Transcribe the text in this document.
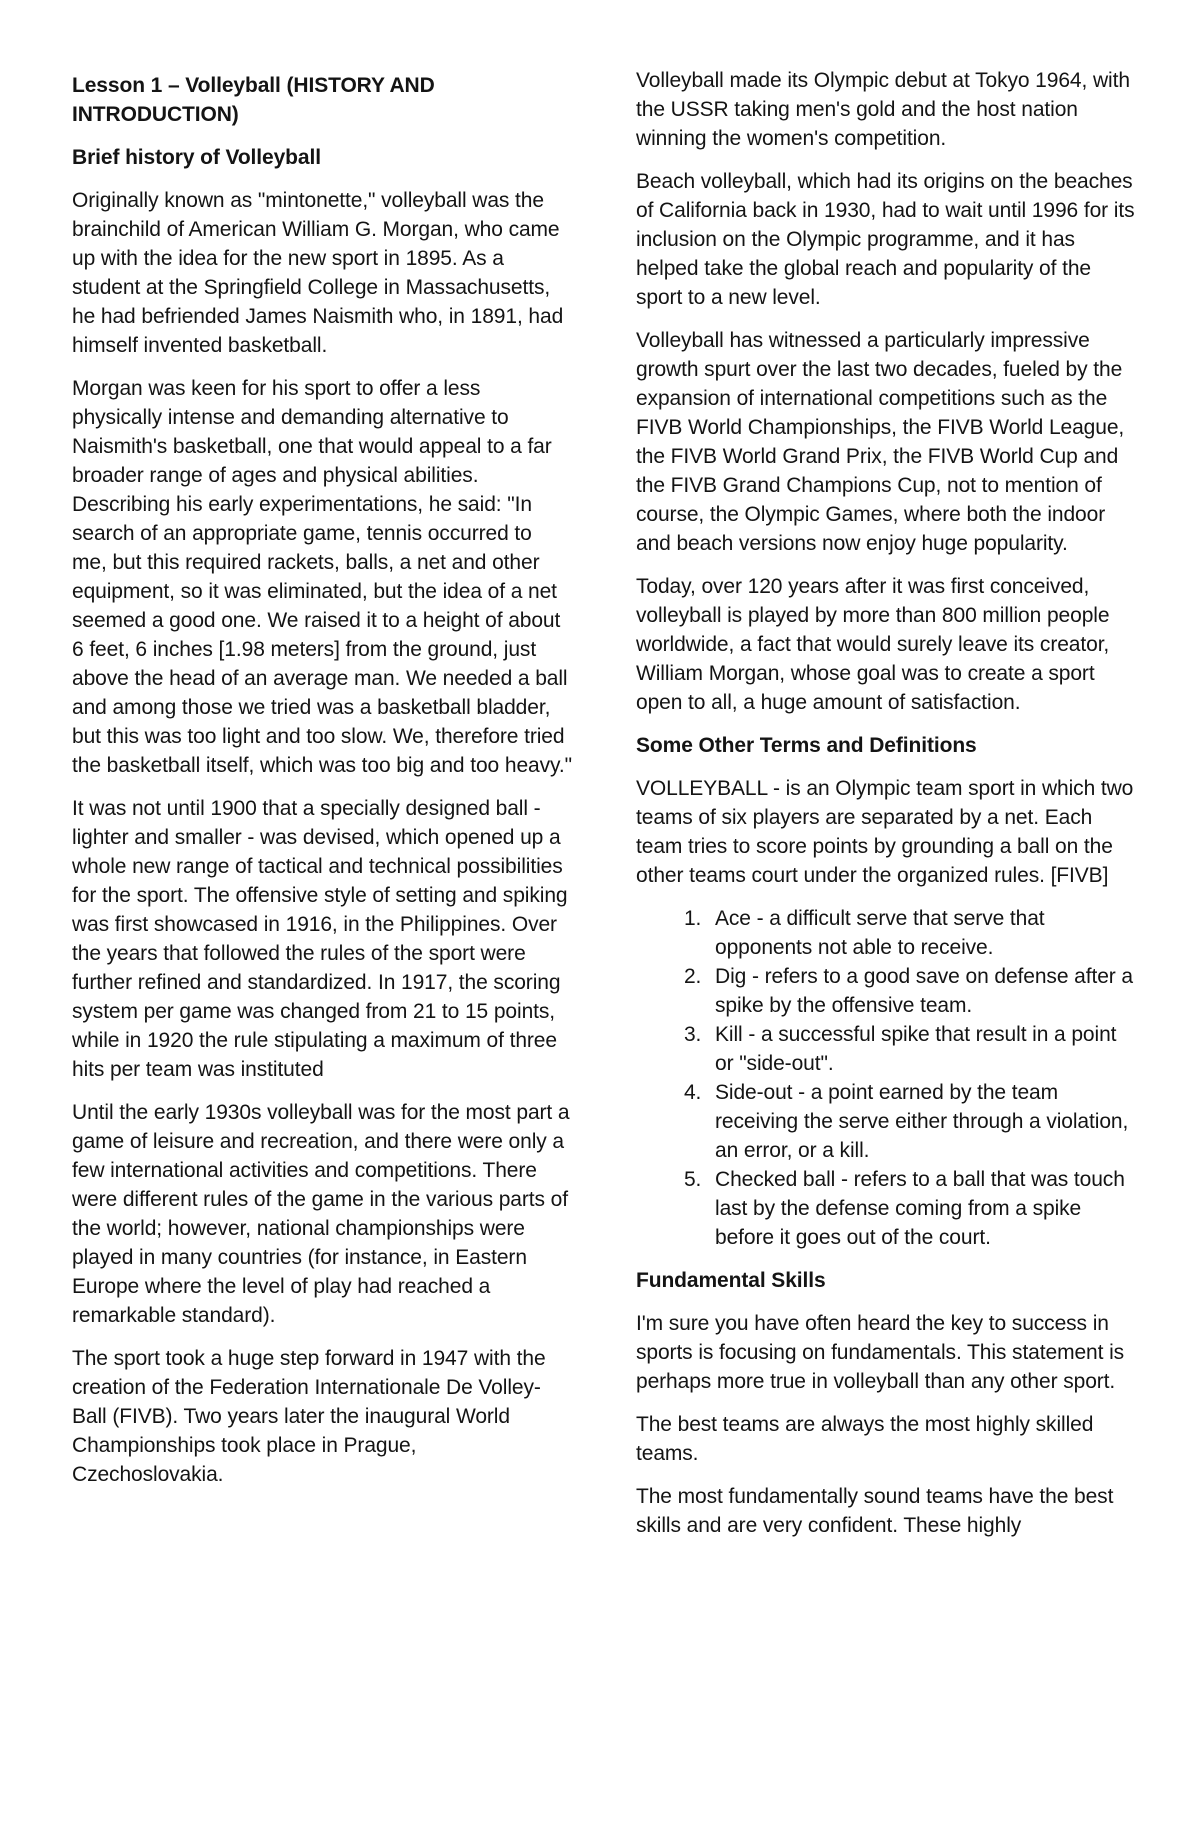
Lesson 1 – Volleyball (HISTORY AND INTRODUCTION)
Brief history of Volleyball

Originally known as "mintonette," volleyball was the brainchild of American William G. Morgan, who came up with the idea for the new sport in 1895. As a student at the Springfield College in Massachusetts, he had befriended James Naismith who, in 1891, had himself invented basketball.

Morgan was keen for his sport to offer a less physically intense and demanding alternative to Naismith's basketball, one that would appeal to a far broader range of ages and physical abilities. Describing his early experimentations, he said: "In search of an appropriate game, tennis occurred to me, but this required rackets, balls, a net and other equipment, so it was eliminated, but the idea of a net seemed a good one. We raised it to a height of about 6 feet, 6 inches [1.98 meters] from the ground, just above the head of an average man. We needed a ball and among those we tried was a basketball bladder, but this was too light and too slow. We, therefore tried the basketball itself, which was too big and too heavy."

It was not until 1900 that a specially designed ball - lighter and smaller - was devised, which opened up a whole new range of tactical and technical possibilities for the sport. The offensive style of setting and spiking was first showcased in 1916, in the Philippines. Over the years that followed the rules of the sport were further refined and standardized. In 1917, the scoring system per game was changed from 21 to 15 points, while in 1920 the rule stipulating a maximum of three hits per team was instituted

Until the early 1930s volleyball was for the most part a game of leisure and recreation, and there were only a few international activities and competitions. There were different rules of the game in the various parts of the world; however, national championships were played in many countries (for instance, in Eastern Europe where the level of play had reached a remarkable standard).

The sport took a huge step forward in 1947 with the creation of the Federation Internationale De Volley-Ball (FIVB). Two years later the inaugural World Championships took place in Prague, Czechoslovakia.

Volleyball made its Olympic debut at Tokyo 1964, with the USSR taking men's gold and the host nation winning the women's competition.

Beach volleyball, which had its origins on the beaches of California back in 1930, had to wait until 1996 for its inclusion on the Olympic programme, and it has helped take the global reach and popularity of the sport to a new level.

Volleyball has witnessed a particularly impressive growth spurt over the last two decades, fueled by the expansion of international competitions such as the FIVB World Championships, the FIVB World League, the FIVB World Grand Prix, the FIVB World Cup and the FIVB Grand Champions Cup, not to mention of course, the Olympic Games, where both the indoor and beach versions now enjoy huge popularity.

Today, over 120 years after it was first conceived, volleyball is played by more than 800 million people worldwide, a fact that would surely leave its creator, William Morgan, whose goal was to create a sport open to all, a huge amount of satisfaction.

Some Other Terms and Definitions

VOLLEYBALL - is an Olympic team sport in which two teams of six players are separated by a net. Each team tries to score points by grounding a ball on the other teams court under the organized rules. [FIVB]

1. Ace - a difficult serve that serve that opponents not able to receive.
2. Dig - refers to a good save on defense after a spike by the offensive team.
3. Kill - a successful spike that result in a point or "side-out".
4. Side-out - a point earned by the team receiving the serve either through a violation, an error, or a kill.
5. Checked ball - refers to a ball that was touch last by the defense coming from a spike before it goes out of the court.
Fundamental Skills

I'm sure you have often heard the key to success in sports is focusing on fundamentals. This statement is perhaps more true in volleyball than any other sport.

The best teams are always the most highly skilled teams.

The most fundamentally sound teams have the best skills and are very confident. These highly
